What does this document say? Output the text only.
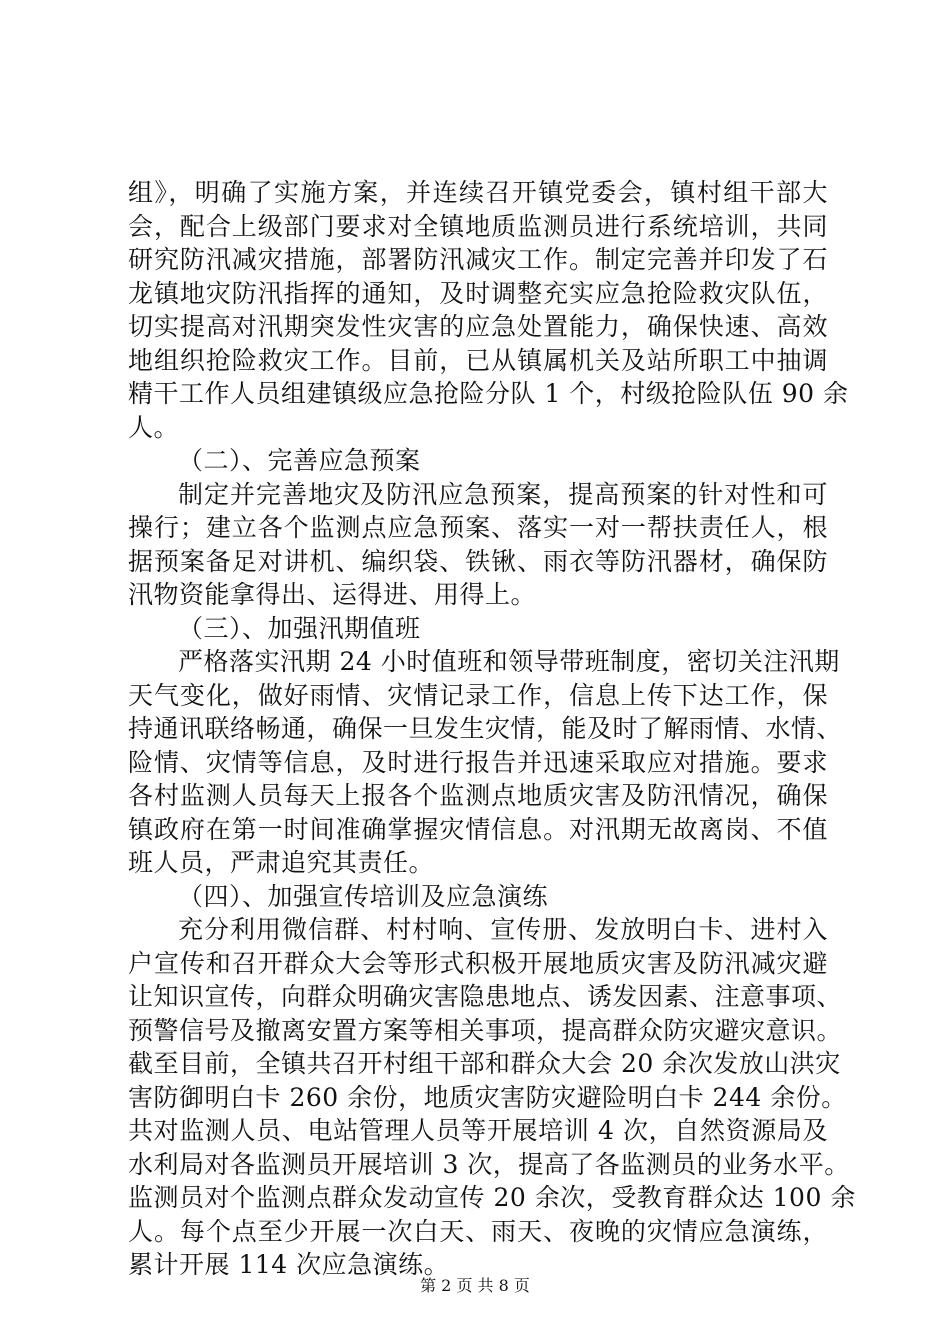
组》，明确了实施方案，并连续召开镇党委会，镇村组干部大
会，配合上级部门要求对全镇地质监测员进行系统培训，共同
研究防汛减灾措施，部署防汛减灾工作。制定完善并印发了石
龙镇地灾防汛指挥的通知，及时调整充实应急抢险救灾队伍，
切实提高对汛期突发性灾害的应急处置能力，确保快速、高效
地组织抢险救灾工作。目前，已从镇属机关及站所职工中抽调
精干工作人员组建镇级应急抢险分队 1 个，村级抢险队伍 90 余
人。
（二）、完善应急预案
制定并完善地灾及防汛应急预案，提高预案的针对性和可
操行；建立各个监测点应急预案、落实一对一帮扶责任人，根
据预案备足对讲机、编织袋、铁锹、雨衣等防汛器材，确保防
汛物资能拿得出、运得进、用得上。
（三）、加强汛期值班
严格落实汛期 24 小时值班和领导带班制度，密切关注汛期
天气变化，做好雨情、灾情记录工作，信息上传下达工作，保
持通讯联络畅通，确保一旦发生灾情，能及时了解雨情、水情、
险情、灾情等信息，及时进行报告并迅速采取应对措施。要求
各村监测人员每天上报各个监测点地质灾害及防汛情况，确保
镇政府在第一时间准确掌握灾情信息。对汛期无故离岗、不值
班人员，严肃追究其责任。
（四）、加强宣传培训及应急演练
充分利用微信群、村村响、宣传册、发放明白卡、进村入
户宣传和召开群众大会等形式积极开展地质灾害及防汛减灾避
让知识宣传，向群众明确灾害隐患地点、诱发因素、注意事项、
预警信号及撤离安置方案等相关事项，提高群众防灾避灾意识。
截至目前，全镇共召开村组干部和群众大会 20 余次发放山洪灾
害防御明白卡 260 余份，地质灾害防灾避险明白卡 244 余份。
共对监测人员、电站管理人员等开展培训 4 次，自然资源局及
水利局对各监测员开展培训 3 次，提高了各监测员的业务水平。
监测员对个监测点群众发动宣传 20 余次，受教育群众达 100 余
人。每个点至少开展一次白天、雨天、夜晚的灾情应急演练，
累计开展 114 次应急演练。
第 2 页 共 8 页
